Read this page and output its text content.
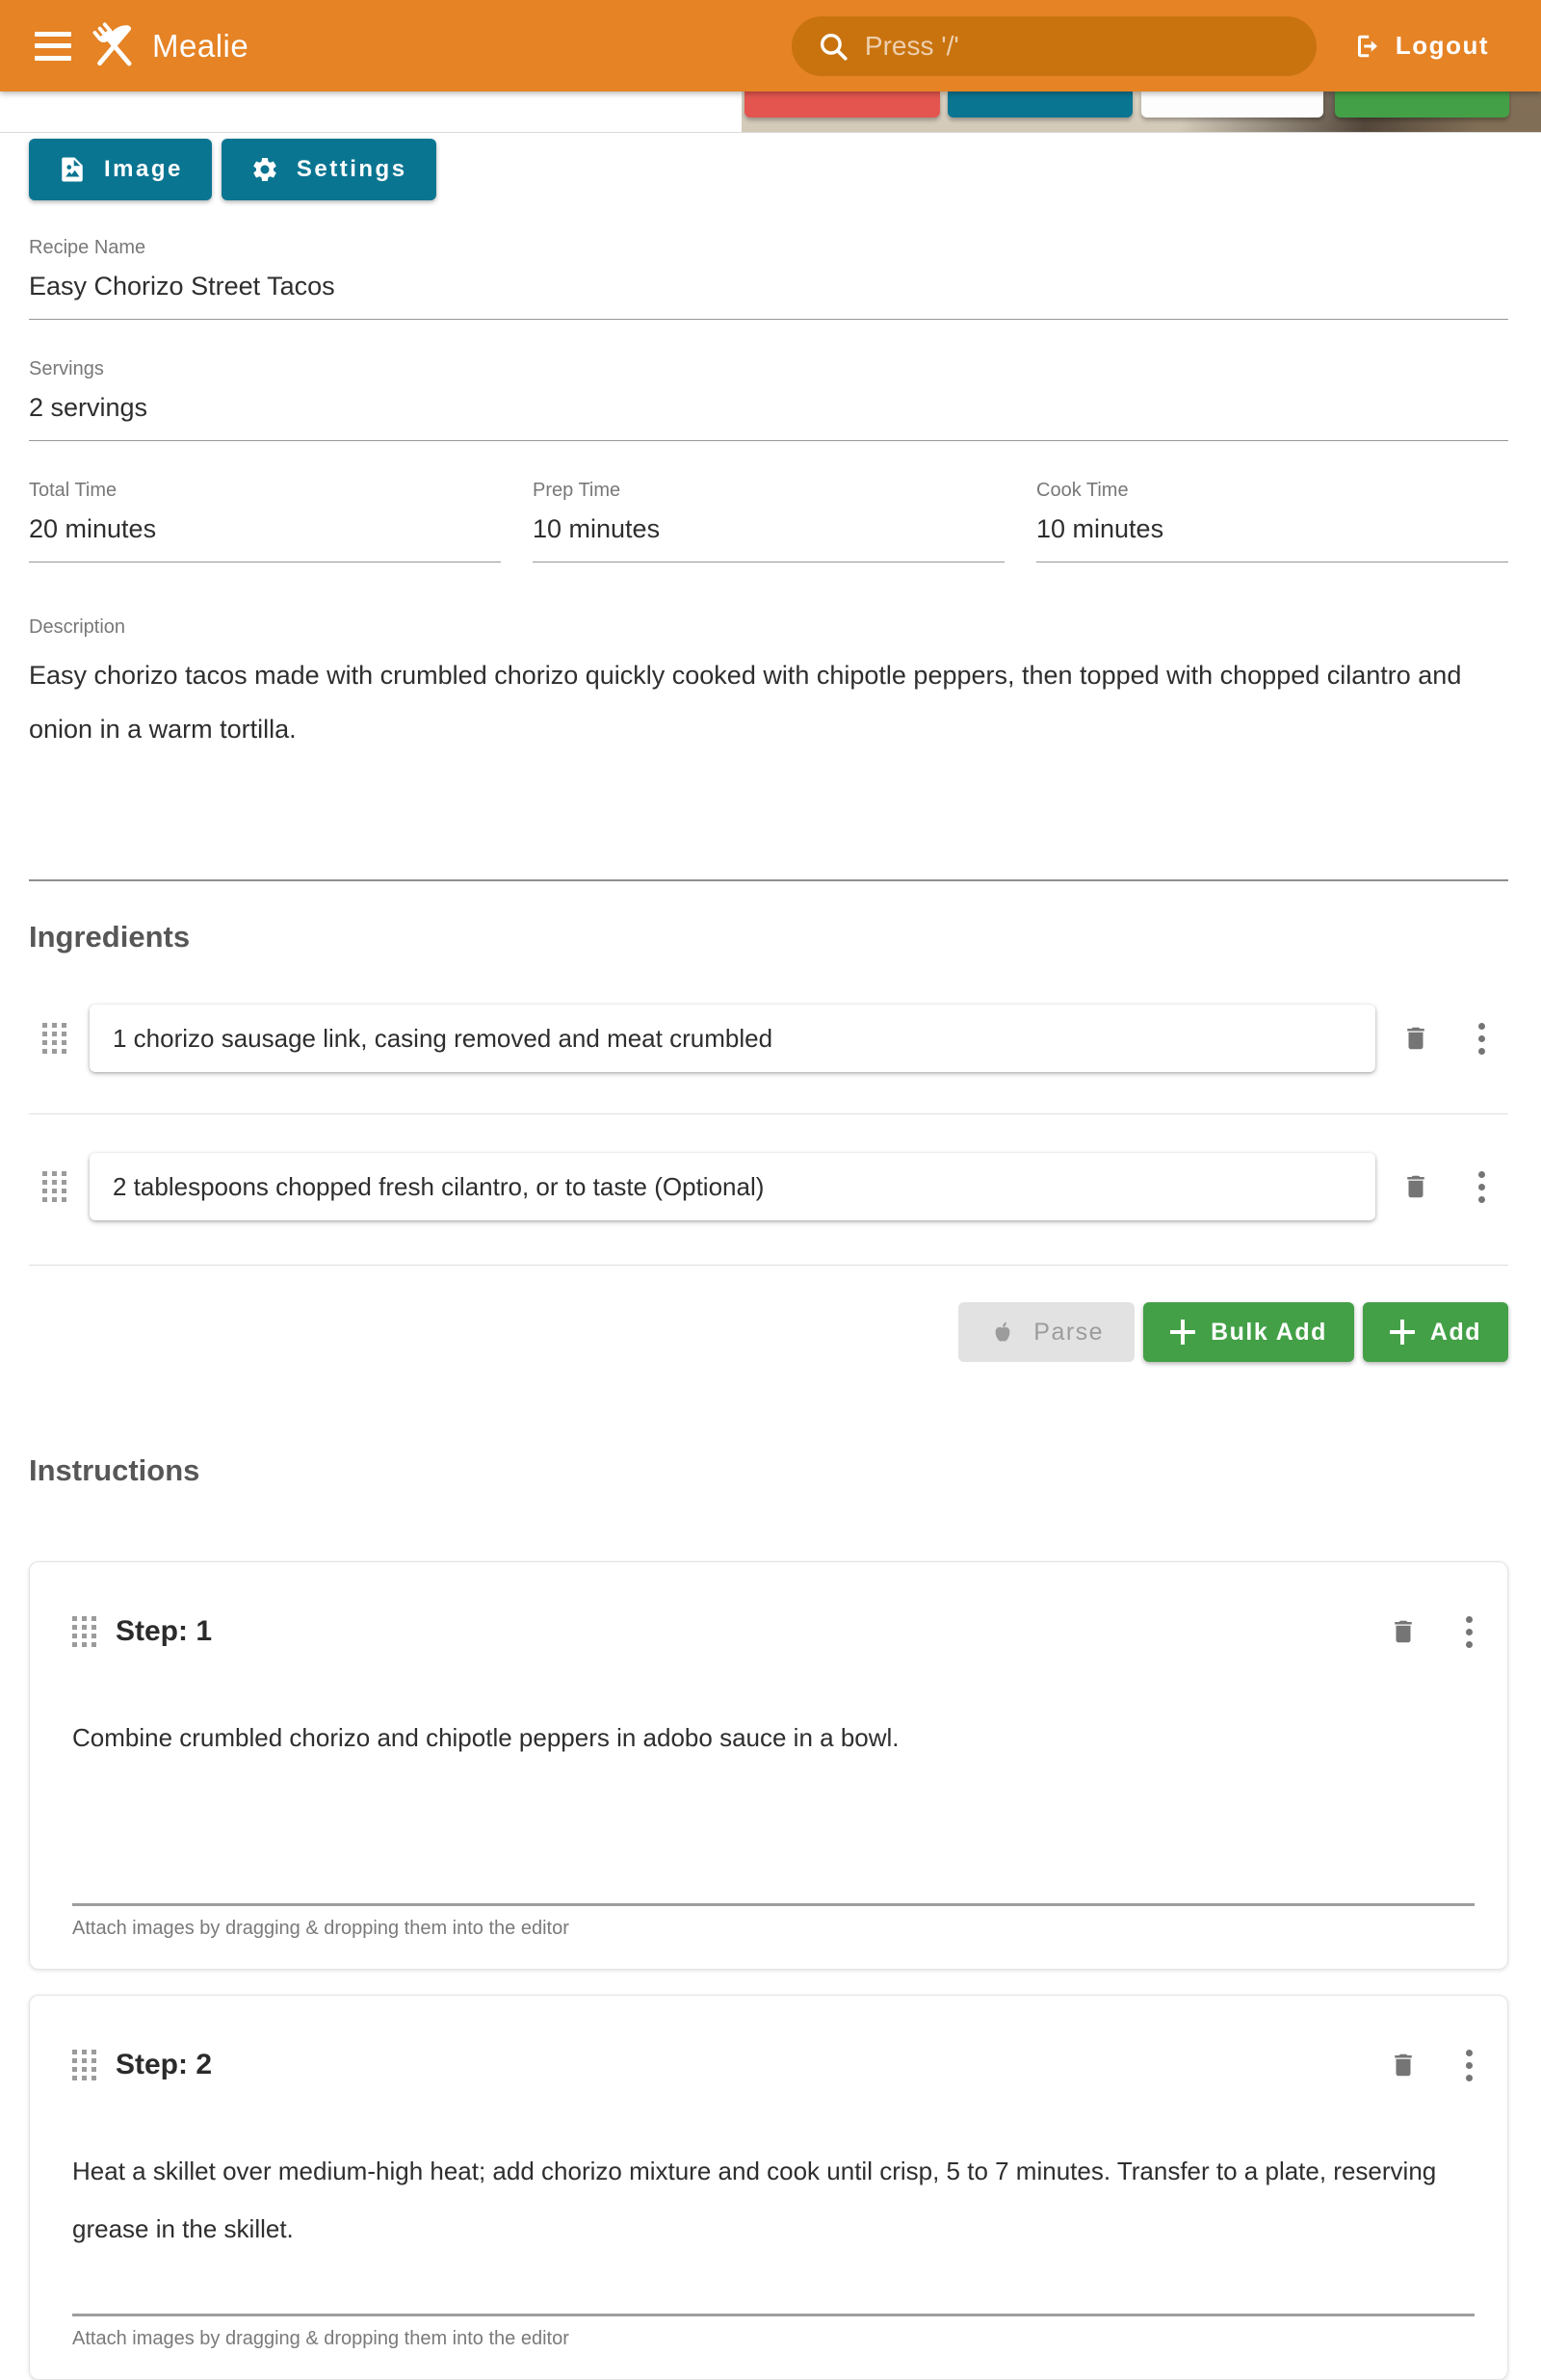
Mealie	Press '/'	Logout
Image	Settings
Recipe Name
Easy Chorizo Street Tacos
Servings
2 servings
Total Time
20 minutes
Prep Time
10 minutes
Cook Time
10 minutes
Description
Easy chorizo tacos made with crumbled chorizo quickly cooked with chipotle peppers, then topped with chopped cilantro and onion in a warm tortilla.
Ingredients
1 chorizo sausage link, casing removed and meat crumbled
2 tablespoons chopped fresh cilantro, or to taste (Optional)
Parse	Bulk Add	Add
Instructions
Step: 1
Combine crumbled chorizo and chipotle peppers in adobo sauce in a bowl.
Attach images by dragging & dropping them into the editor
Step: 2
Heat a skillet over medium-high heat; add chorizo mixture and cook until crisp, 5 to 7 minutes. Transfer to a plate, reserving grease in the skillet.
Attach images by dragging & dropping them into the editor
